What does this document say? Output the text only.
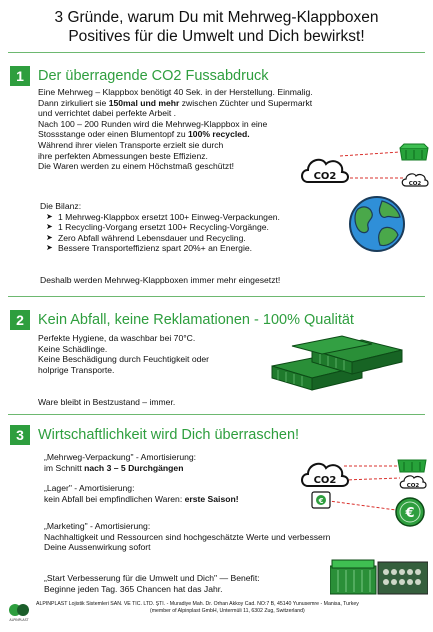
3 Gründe, warum Du mit Mehrweg-Klappboxen
Positives für die Umwelt und Dich bewirkst!
1 Der überragende CO2 Fussabdruck
Eine Mehrweg – Klappbox benötigt 40 Sek. in der Herstellung. Einmalig.
Dann zirkuliert sie 150mal und mehr zwischen Züchter und Supermarkt
und verrichtet dabei perfekte Arbeit .
Nach 100 – 200 Runden wird die Mehrweg-Klappbox in eine
Stossstange oder einen Blumentopf zu 100% recycled.
Während ihrer vielen Transporte erzielt sie durch
ihre perfekten Abmessungen beste Effizienz.
Die Waren werden zu einem Höchstmaß geschützt!
CO2
CO2
Die Bilanz:
➤ 1 Mehrweg-Klappbox ersetzt 100+ Einweg-Verpackungen.
➤ 1 Recycling-Vorgang ersetzt 100+ Recycling-Vorgänge.
➤ Zero Abfall während Lebensdauer und Recycling.
➤ Bessere Transporteffizienz spart 20%+ an Energie.
Deshalb werden Mehrweg-Klappboxen immer mehr eingesetzt!
2 Kein Abfall, keine Reklamationen - 100% Qualität
Perfekte Hygiene, da waschbar bei 70°C.
Keine Schädlinge.
Keine Beschädigung durch Feuchtigkeit oder
holprige Transporte.
Ware bleibt in Bestzustand – immer.
3 Wirtschaftlichkeit wird Dich überraschen!
„Mehrweg-Verpackung" - Amortisierung:
im Schnitt nach 3 – 5 Durchgängen
„Lager" - Amortisierung:
kein Abfall bei empfindlichen Waren: erste Saison!
„Marketing" - Amortisierung:
Nachhaltigkeit und Ressourcen sind hochgeschätzte Werte und verbessern
Deine Aussenwirkung sofort
„Start Verbesserung für die Umwelt und Dich" — Benefit:
Beginne jeden Tag. 365 Chancen hat das Jahr.
CO2	CO2
€
€
ALPINPLAST
ALPINPLAST Lojistik Sistemleri SAN. VE TIC. LTD. ŞTI. - Muradiye Mah. Dr. Orhan Akkoy Cad. NO:7 B, 45140 Yunusemre - Manisa, Turkey
(member of Alpinplast GmbH, Untermüli 11, 6302 Zug, Switzerland)
